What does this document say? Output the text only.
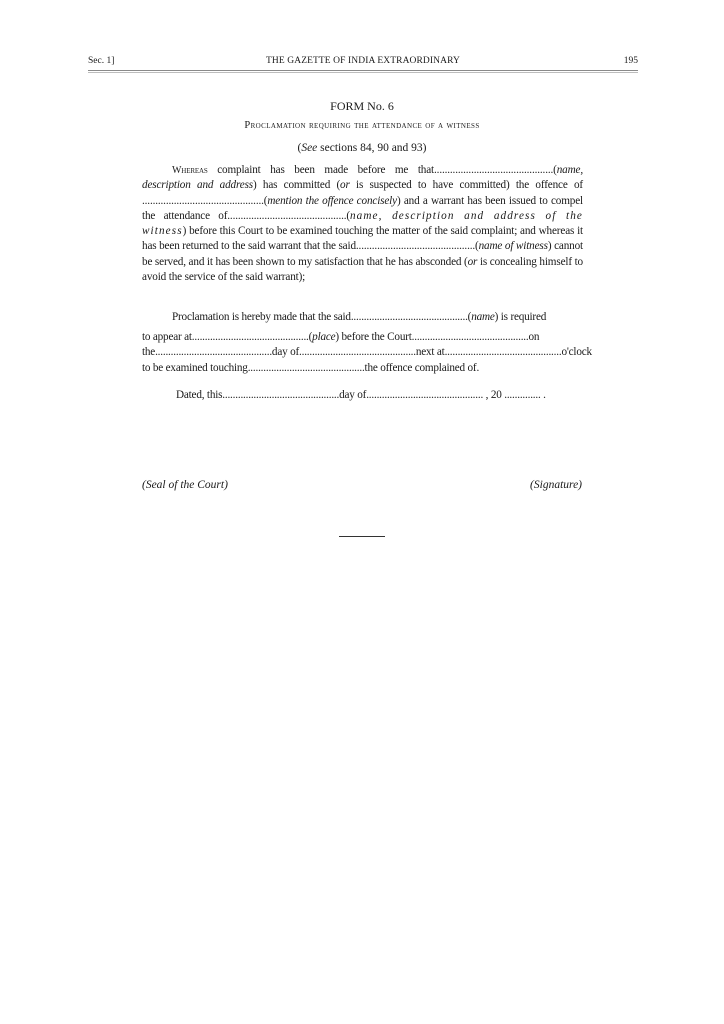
Sec. 1]	THE GAZETTE OF INDIA EXTRAORDINARY	195
FORM No. 6
Proclamation requiring the attendance of a witness
(See sections 84, 90 and 93)
Whereas complaint has been made before me that.............................................(name, description and address) has committed (or is suspected to have committed) the offence of ..............................................(mention the offence concisely) and a warrant has been issued to compel the attendance of.............................................(name, description and address of the witness) before this Court to be examined touching the matter of the said complaint; and whereas it has been returned to the said warrant that the said.............................................(name of witness) cannot be served, and it has been shown to my satisfaction that he has absconded (or is concealing himself to avoid the service of the said warrant);
Proclamation is hereby made that the said.............................................(name) is required
to appear at.............................................(place) before the Court.............................................on
the.............................................day of.............................................next at.............................................o'clock
to be examined touching.............................................the offence complained of.
Dated, this.............................................day of............................................. , 20 .............. .
(Seal of the Court)	(Signature)
